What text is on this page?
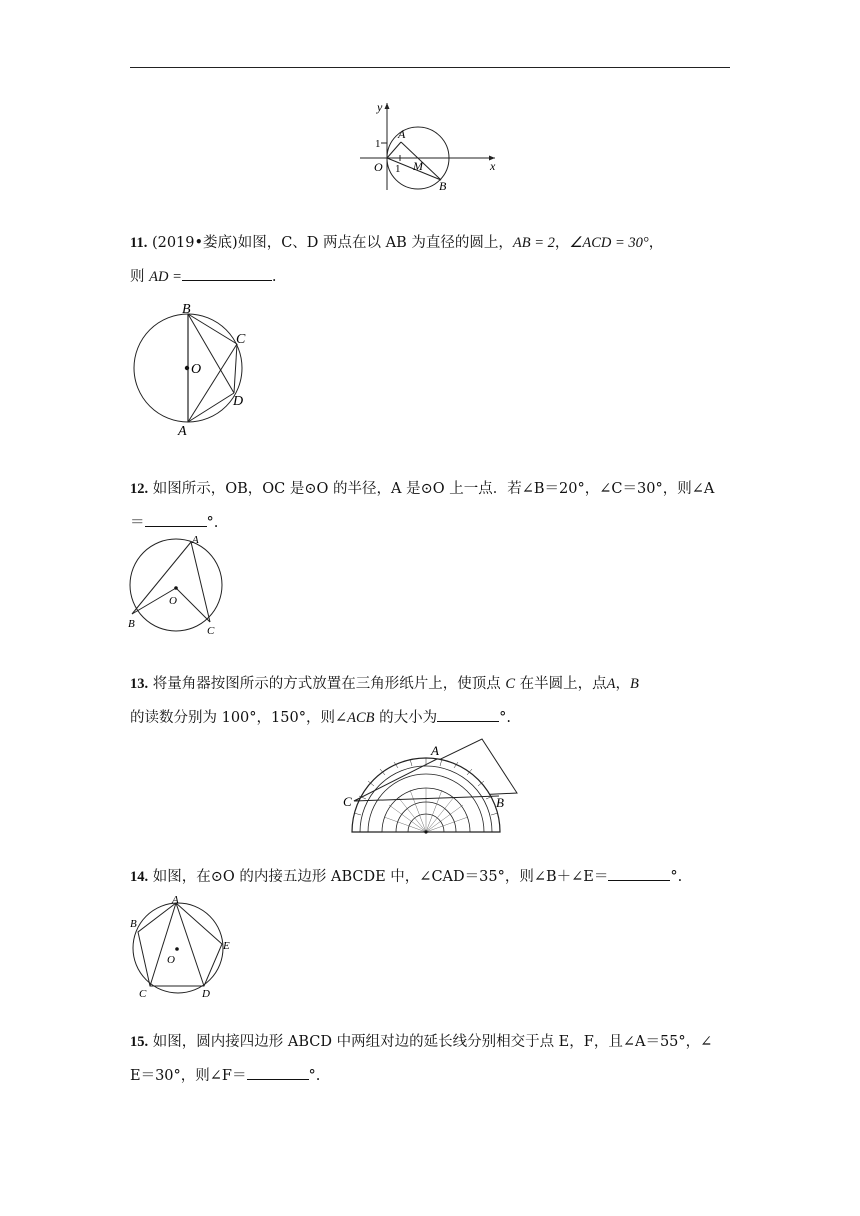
y
x
O
1
1
A
M
B
11. (2019•娄底)如图，C、D 两点在以 AB 为直径的圆上，AB = 2，∠ACD = 30°，
则 AD =	.
B
C
O
D
A
12. 如图所示，OB，OC 是⊙O 的半径，A 是⊙O 上一点．若∠B＝20°，∠C＝30°，则∠A
＝	°.
A
O
B
C
13. 将量角器按图所示的方式放置在三角形纸片上，使顶点 C 在半圆上，点A，B
的读数分别为 100°，150°，则∠ACB 的大小为	°.
A
B
C
14. 如图，在⊙O 的内接五边形 ABCDE 中，∠CAD＝35°，则∠B＋∠E＝	°.
A
B
E
O
C	D
15. 如图，圆内接四边形 ABCD 中两组对边的延长线分别相交于点 E，F，且∠A＝55°，∠
E＝30°，则∠F＝	°.
